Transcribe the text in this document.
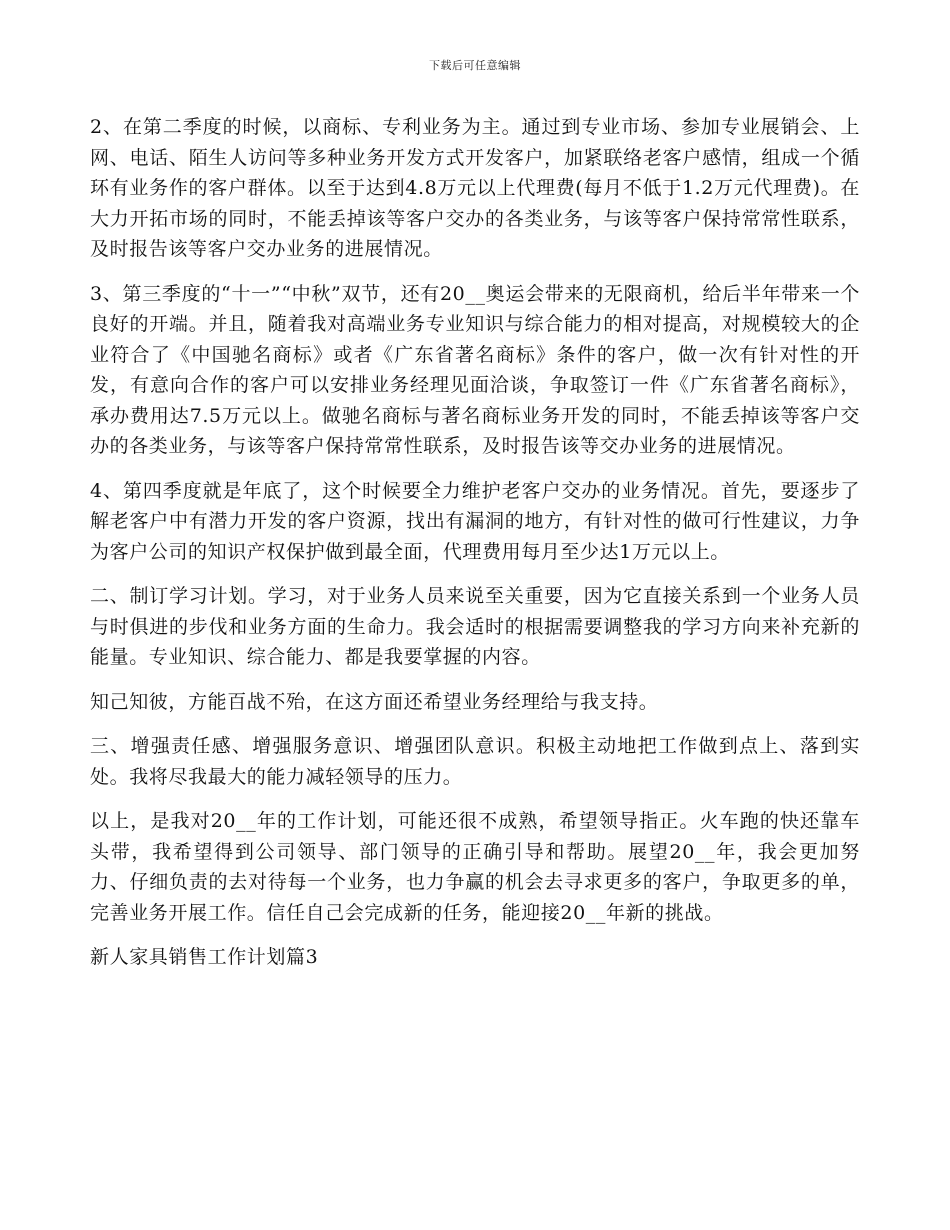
下载后可任意编辑

2、在第二季度的时候，以商标、专利业务为主。通过到专业市场、参加专业展销会、上网、电话、陌生人访问等多种业务开发方式开发客户，加紧联络老客户感情，组成一个循环有业务作的客户群体。以至于达到4.8万元以上代理费(每月不低于1.2万元代理费)。在大力开拓市场的同时，不能丢掉该等客户交办的各类业务，与该等客户保持常常性联系，及时报告该等客户交办业务的进展情况。

3、第三季度的“十一”“中秋”双节，还有20__奥运会带来的无限商机，给后半年带来一个良好的开端。并且，随着我对高端业务专业知识与综合能力的相对提高，对规模较大的企业符合了《中国驰名商标》或者《广东省著名商标》条件的客户，做一次有针对性的开发，有意向合作的客户可以安排业务经理见面洽谈，争取签订一件《广东省著名商标》，承办费用达7.5万元以上。做驰名商标与著名商标业务开发的同时，不能丢掉该等客户交办的各类业务，与该等客户保持常常性联系，及时报告该等交办业务的进展情况。

4、第四季度就是年底了，这个时候要全力维护老客户交办的业务情况。首先，要逐步了解老客户中有潜力开发的客户资源，找出有漏洞的地方，有针对性的做可行性建议，力争为客户公司的知识产权保护做到最全面，代理费用每月至少达1万元以上。

二、制订学习计划。学习，对于业务人员来说至关重要，因为它直接关系到一个业务人员与时俱进的步伐和业务方面的生命力。我会适时的根据需要调整我的学习方向来补充新的能量。专业知识、综合能力、都是我要掌握的内容。

知己知彼，方能百战不殆，在这方面还希望业务经理给与我支持。

三、增强责任感、增强服务意识、增强团队意识。积极主动地把工作做到点上、落到实处。我将尽我最大的能力减轻领导的压力。

以上，是我对20__年的工作计划，可能还很不成熟，希望领导指正。火车跑的快还靠车头带，我希望得到公司领导、部门领导的正确引导和帮助。展望20__年，我会更加努力、仔细负责的去对待每一个业务，也力争赢的机会去寻求更多的客户，争取更多的单，完善业务开展工作。信任自己会完成新的任务，能迎接20__年新的挑战。

新人家具销售工作计划篇3
